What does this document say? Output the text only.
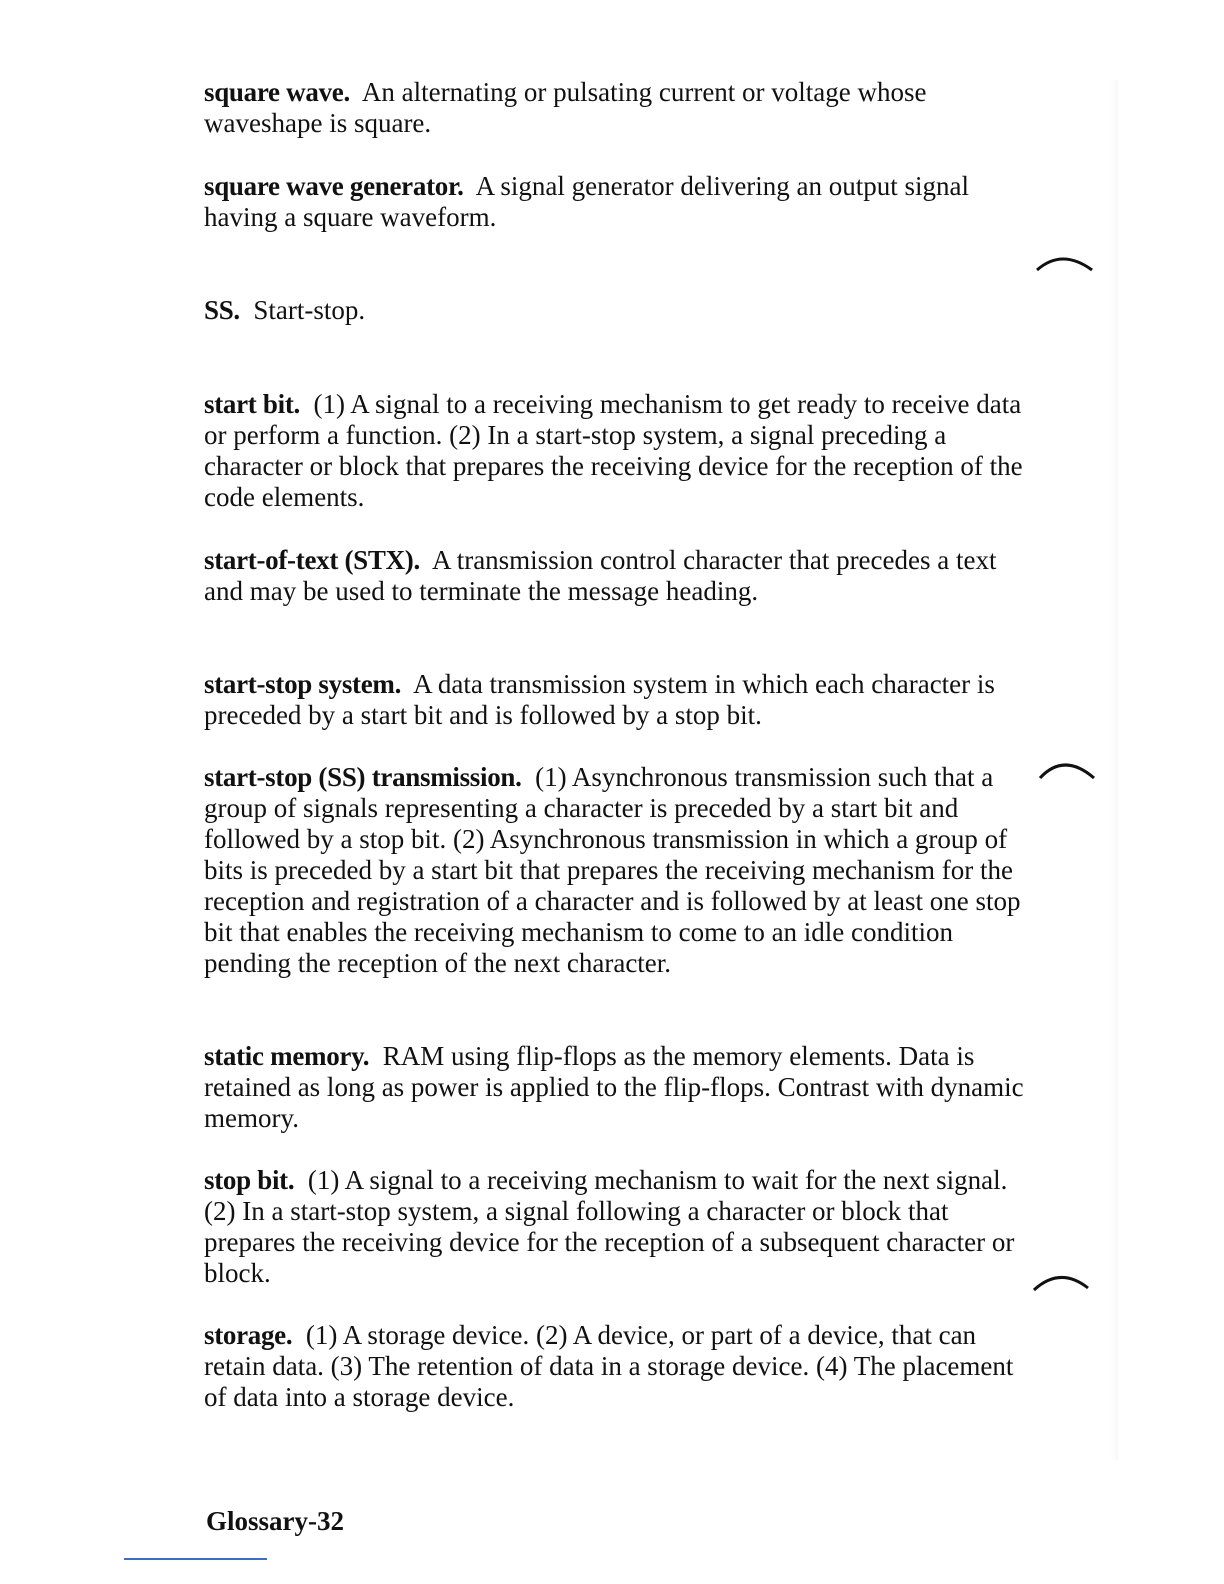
square wave. An alternating or pulsating current or voltage whose waveshape is square.

square wave generator. A signal generator delivering an output signal having a square waveform.

SS. Start-stop.

start bit. (1) A signal to a receiving mechanism to get ready to receive data or perform a function. (2) In a start-stop system, a signal preceding a character or block that prepares the receiving device for the reception of the code elements.

start-of-text (STX). A transmission control character that precedes a text and may be used to terminate the message heading.

start-stop system. A data transmission system in which each character is preceded by a start bit and is followed by a stop bit.

start-stop (SS) transmission. (1) Asynchronous transmission such that a group of signals representing a character is preceded by a start bit and followed by a stop bit. (2) Asynchronous transmission in which a group of bits is preceded by a start bit that prepares the receiving mechanism for the reception and registration of a character and is followed by at least one stop bit that enables the receiving mechanism to come to an idle condition pending the reception of the next character.

static memory. RAM using flip-flops as the memory elements. Data is retained as long as power is applied to the flip-flops. Contrast with dynamic memory.

stop bit. (1) A signal to a receiving mechanism to wait for the next signal. (2) In a start-stop system, a signal following a character or block that prepares the receiving device for the reception of a subsequent character or block.

storage. (1) A storage device. (2) A device, or part of a device, that can retain data. (3) The retention of data in a storage device. (4) The placement of data into a storage device.

Glossary-32
